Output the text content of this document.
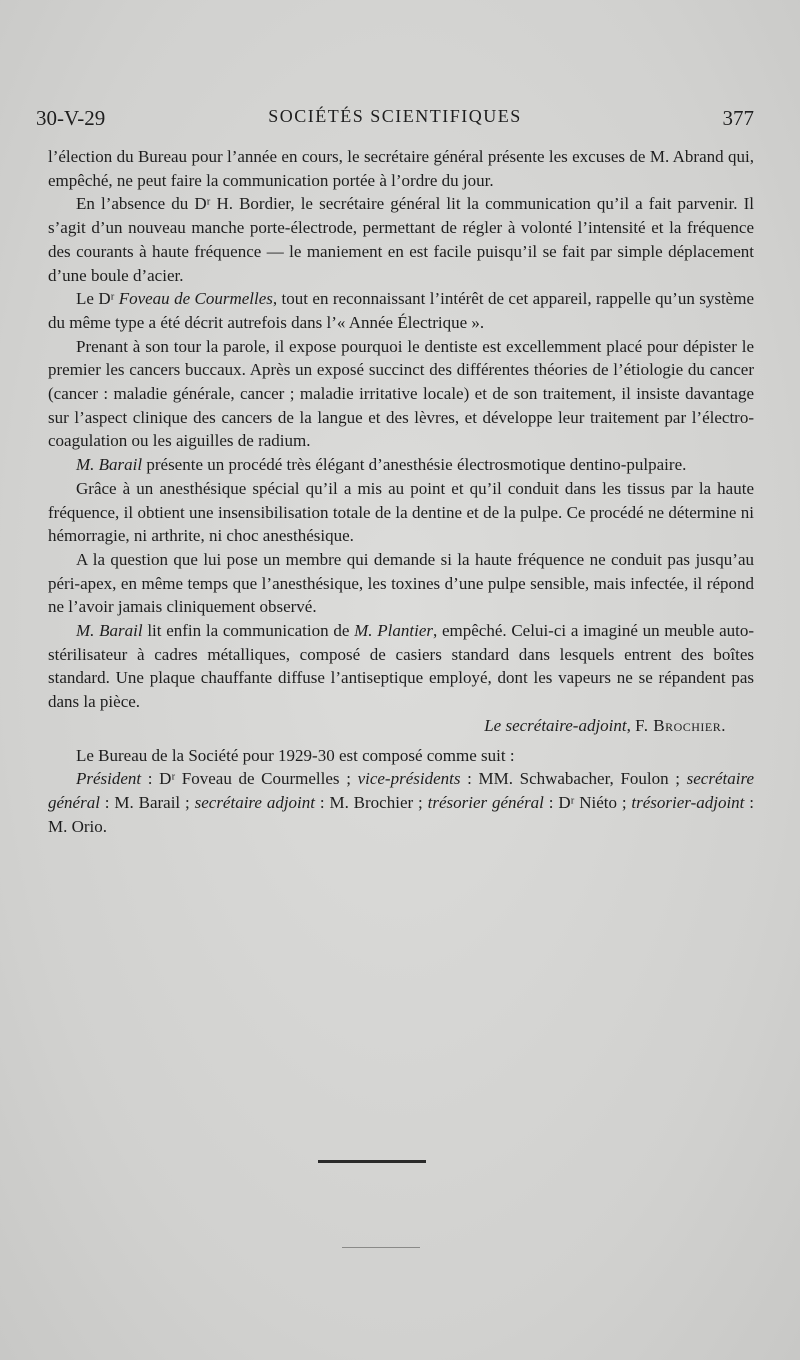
30-V-29	SOCIÉTÉS SCIENTIFIQUES	377

l’élection du Bureau pour l’année en cours, le secrétaire général présente les excuses de M. Abrand qui, empêché, ne peut faire la communication portée à l’ordre du jour.

En l’absence du Dʳ H. Bordier, le secrétaire général lit la communication qu’il a fait parvenir. Il s’agit d’un nouveau manche porte-électrode, permettant de régler à volonté l’intensité et la fréquence des courants à haute fréquence — le maniement en est facile puisqu’il se fait par simple déplacement d’une boule d’acier.

Le Dʳ Foveau de Courmelles, tout en reconnaissant l’intérêt de cet appareil, rappelle qu’un système du même type a été décrit autrefois dans l’« Année Électrique ».

Prenant à son tour la parole, il expose pourquoi le dentiste est excellemment placé pour dépister le premier les cancers buccaux. Après un exposé succinct des différentes théories de l’étiologie du cancer (cancer : maladie générale, cancer ; maladie irritative locale) et de son traitement, il insiste davantage sur l’aspect clinique des cancers de la langue et des lèvres, et développe leur traitement par l’électro-coagulation ou les aiguilles de radium.

M. Barail présente un procédé très élégant d’anesthésie électrosmotique dentino-pulpaire.

Grâce à un anesthésique spécial qu’il a mis au point et qu’il conduit dans les tissus par la haute fréquence, il obtient une insensibilisation totale de la dentine et de la pulpe. Ce procédé ne détermine ni hémorragie, ni arthrite, ni choc anesthésique.

A la question que lui pose un membre qui demande si la haute fréquence ne conduit pas jusqu’au péri-apex, en même temps que l’anesthésique, les toxines d’une pulpe sensible, mais infectée, il répond ne l’avoir jamais cliniquement observé.

M. Barail lit enfin la communication de M. Plantier, empêché. Celui-ci a imaginé un meuble auto-stérilisateur à cadres métalliques, composé de casiers standard dans lesquels entrent des boîtes standard. Une plaque chauffante diffuse l’antiseptique employé, dont les vapeurs ne se répandent pas dans la pièce.

Le secrétaire-adjoint, F. Brochier.

Le Bureau de la Société pour 1929-30 est composé comme suit :

Président : Dʳ Foveau de Courmelles ; vice-présidents : MM. Schwabacher, Foulon ; secrétaire général : M. Barail ; secrétaire adjoint : M. Brochier ; trésorier général : Dʳ Niéto ; trésorier-adjoint : M. Orio.
